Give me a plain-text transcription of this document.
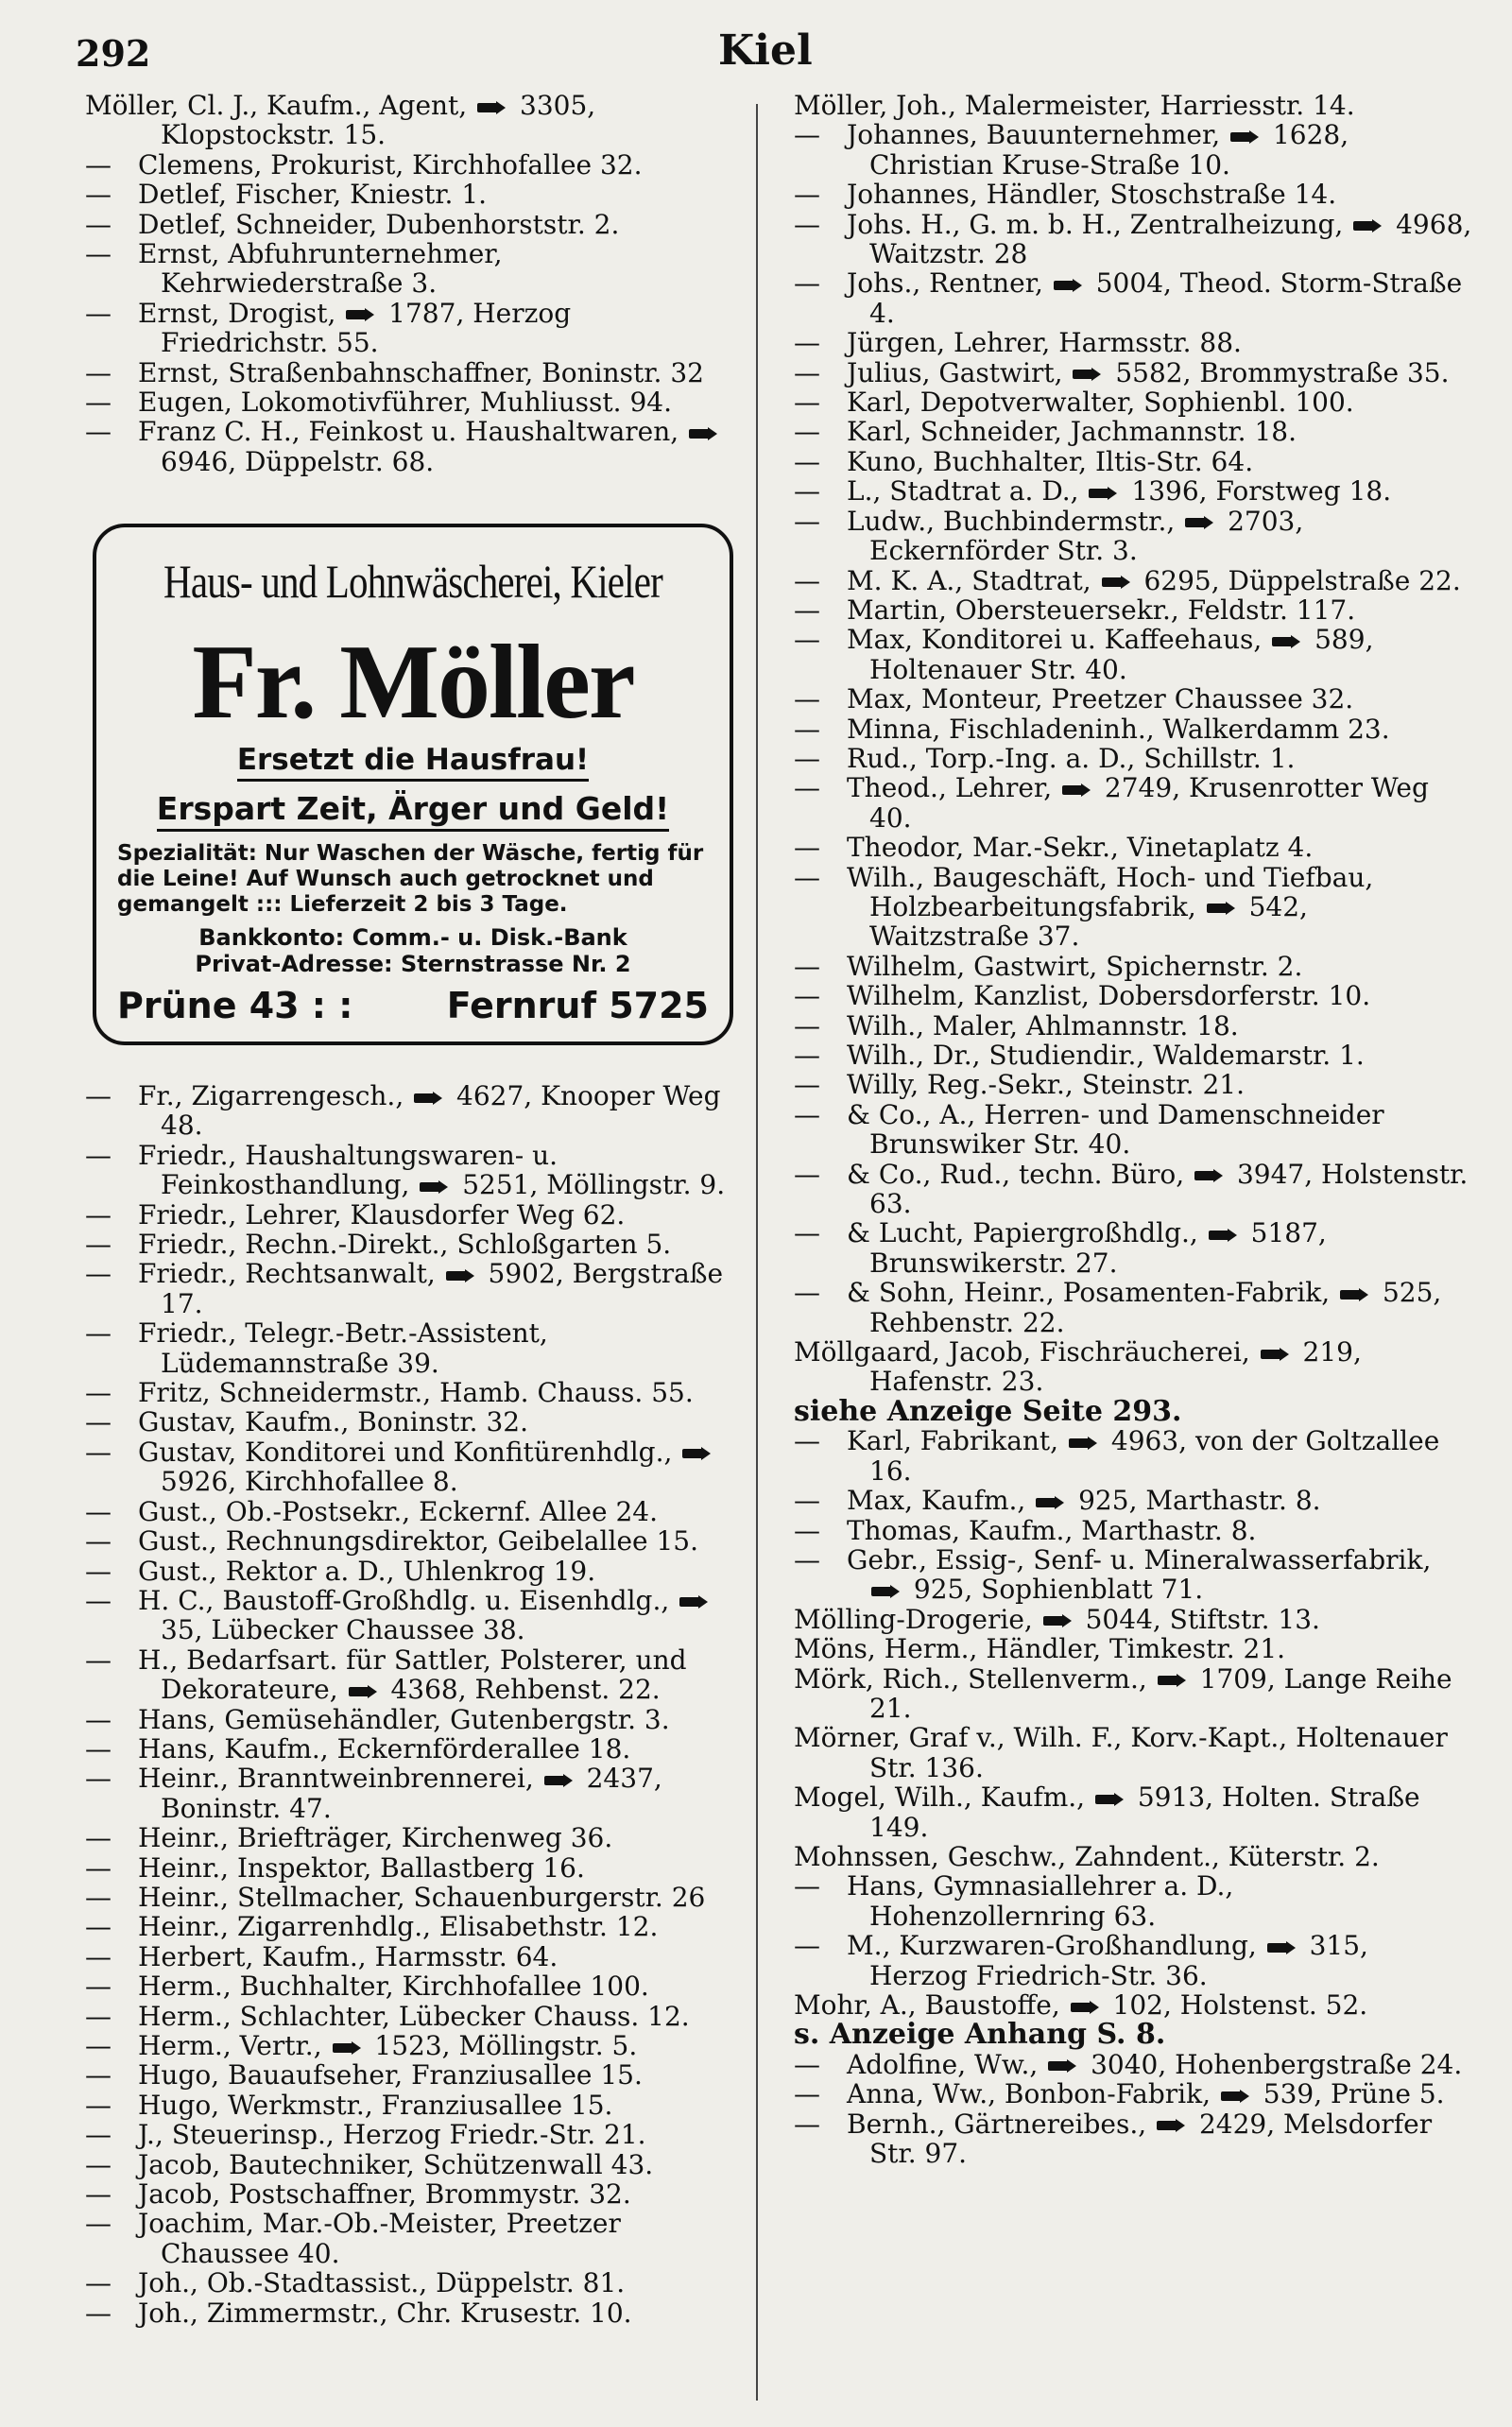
292	Kiel
Möller, Cl. J., Kaufm., Agent,  3305, Klopstockstr. 15.
— Clemens, Prokurist, Kirchhofallee 32.
— Detlef, Fischer, Kniestr. 1.
— Detlef, Schneider, Dubenhorststr. 2.
— Ernst, Abfuhrunternehmer, Kehrwiederstraße 3.
— Ernst, Drogist,  1787, Herzog Friedrichstr. 55.
— Ernst, Straßenbahnschaffner, Boninstr. 32
— Eugen, Lokomotivführer, Muhliusst. 94.
— Franz C. H., Feinkost u. Haushaltwaren,  6946, Düppelstr. 68.
Haus- und Lohnwäscherei, Kieler
Fr. Möller
Ersetzt die Hausfrau!
Erspart Zeit, Ärger und Geld!
Spezialität: Nur Waschen der Wäsche, fertig für die Leine! Auf Wunsch auch getrocknet und gemangelt ::: Lieferzeit 2 bis 3 Tage.
Bankkonto: Comm.- u. Disk.-Bank
Privat-Adresse: Sternstrasse Nr. 2
Prüne 43 : :	Fernruf 5725
— Fr., Zigarrengesch.,  4627, Knooper Weg 48.
— Friedr., Haushaltungswaren- u. Feinkosthandlung,  5251, Möllingstr. 9.
— Friedr., Lehrer, Klausdorfer Weg 62.
— Friedr., Rechn.-Direkt., Schloßgarten 5.
— Friedr., Rechtsanwalt,  5902, Bergstraße 17.
— Friedr., Telegr.-Betr.-Assistent, Lüdemannstraße 39.
— Fritz, Schneidermstr., Hamb. Chauss. 55.
— Gustav, Kaufm., Boninstr. 32.
— Gustav, Konditorei und Konfitürenhdlg.,  5926, Kirchhofallee 8.
— Gust., Ob.-Postsekr., Eckernf. Allee 24.
— Gust., Rechnungsdirektor, Geibelallee 15.
— Gust., Rektor a. D., Uhlenkrog 19.
— H. C., Baustoff-Großhdlg. u. Eisenhdlg.,  35, Lübecker Chaussee 38.
— H., Bedarfsart. für Sattler, Polsterer, und Dekorateure,  4368, Rehbenst. 22.
— Hans, Gemüsehändler, Gutenbergstr. 3.
— Hans, Kaufm., Eckernförderallee 18.
— Heinr., Branntweinbrennerei,  2437, Boninstr. 47.
— Heinr., Briefträger, Kirchenweg 36.
— Heinr., Inspektor, Ballastberg 16.
— Heinr., Stellmacher, Schauenburgerstr. 26
— Heinr., Zigarrenhdlg., Elisabethstr. 12.
— Herbert, Kaufm., Harmsstr. 64.
— Herm., Buchhalter, Kirchhofallee 100.
— Herm., Schlachter, Lübecker Chauss. 12.
— Herm., Vertr.,  1523, Möllingstr. 5.
— Hugo, Bauaufseher, Franziusallee 15.
— Hugo, Werkmstr., Franziusallee 15.
— J., Steuerinsp., Herzog Friedr.-Str. 21.
— Jacob, Bautechniker, Schützenwall 43.
— Jacob, Postschaffner, Brommystr. 32.
— Joachim, Mar.-Ob.-Meister, Preetzer Chaussee 40.
— Joh., Ob.-Stadtassist., Düppelstr. 81.
— Joh., Zimmermstr., Chr. Krusestr. 10.
Möller, Joh., Malermeister, Harriesstr. 14.
— Johannes, Bauunternehmer,  1628, Christian Kruse-Straße 10.
— Johannes, Händler, Stoschstraße 14.
— Johs. H., G. m. b. H., Zentralheizung,  4968, Waitzstr. 28
— Johs., Rentner,  5004, Theod. Storm-Straße 4.
— Jürgen, Lehrer, Harmsstr. 88.
— Julius, Gastwirt,  5582, Brommystraße 35.
— Karl, Depotverwalter, Sophienbl. 100.
— Karl, Schneider, Jachmannstr. 18.
— Kuno, Buchhalter, Iltis-Str. 64.
— L., Stadtrat a. D.,  1396, Forstweg 18.
— Ludw., Buchbindermstr.,  2703, Eckernförder Str. 3.
— M. K. A., Stadtrat,  6295, Düppelstraße 22.
— Martin, Obersteuersekr., Feldstr. 117.
— Max, Konditorei u. Kaffeehaus,  589, Holtenauer Str. 40.
— Max, Monteur, Preetzer Chaussee 32.
— Minna, Fischladeninh., Walkerdamm 23.
— Rud., Torp.-Ing. a. D., Schillstr. 1.
— Theod., Lehrer,  2749, Krusenrotter Weg 40.
— Theodor, Mar.-Sekr., Vinetaplatz 4.
— Wilh., Baugeschäft, Hoch- und Tiefbau, Holzbearbeitungsfabrik,  542, Waitzstraße 37.
— Wilhelm, Gastwirt, Spichernstr. 2.
— Wilhelm, Kanzlist, Dobersdorferstr. 10.
— Wilh., Maler, Ahlmannstr. 18.
— Wilh., Dr., Studiendir., Waldemarstr. 1.
— Willy, Reg.-Sekr., Steinstr. 21.
— & Co., A., Herren- und Damenschneider Brunswiker Str. 40.
— & Co., Rud., techn. Büro,  3947, Holstenstr. 63.
— & Lucht, Papiergroßhdlg.,  5187, Brunswikerstr. 27.
— & Sohn, Heinr., Posamenten-Fabrik,  525, Rehbenstr. 22.
Möllgaard, Jacob, Fischräucherei,  219, Hafenstr. 23.
siehe Anzeige Seite 293.
— Karl, Fabrikant,  4963, von der Goltzallee 16.
— Max, Kaufm.,  925, Marthastr. 8.
— Thomas, Kaufm., Marthastr. 8.
— Gebr., Essig-, Senf- u. Mineralwasserfabrik,  925, Sophienblatt 71.
Mölling-Drogerie,  5044, Stiftstr. 13.
Möns, Herm., Händler, Timkestr. 21.
Mörk, Rich., Stellenverm.,  1709, Lange Reihe 21.
Mörner, Graf v., Wilh. F., Korv.-Kapt., Holtenauer Str. 136.
Mogel, Wilh., Kaufm.,  5913, Holten. Straße 149.
Mohnssen, Geschw., Zahndent., Küterstr. 2.
— Hans, Gymnasiallehrer a. D., Hohenzollernring 63.
— M., Kurzwaren-Großhandlung,  315, Herzog Friedrich-Str. 36.
Mohr, A., Baustoffe,  102, Holstenst. 52.
s. Anzeige Anhang S. 8.
— Adolfine, Ww.,  3040, Hohenbergstraße 24.
— Anna, Ww., Bonbon-Fabrik,  539, Prüne 5.
— Bernh., Gärtnereibes.,  2429, Melsdorfer Str. 97.
